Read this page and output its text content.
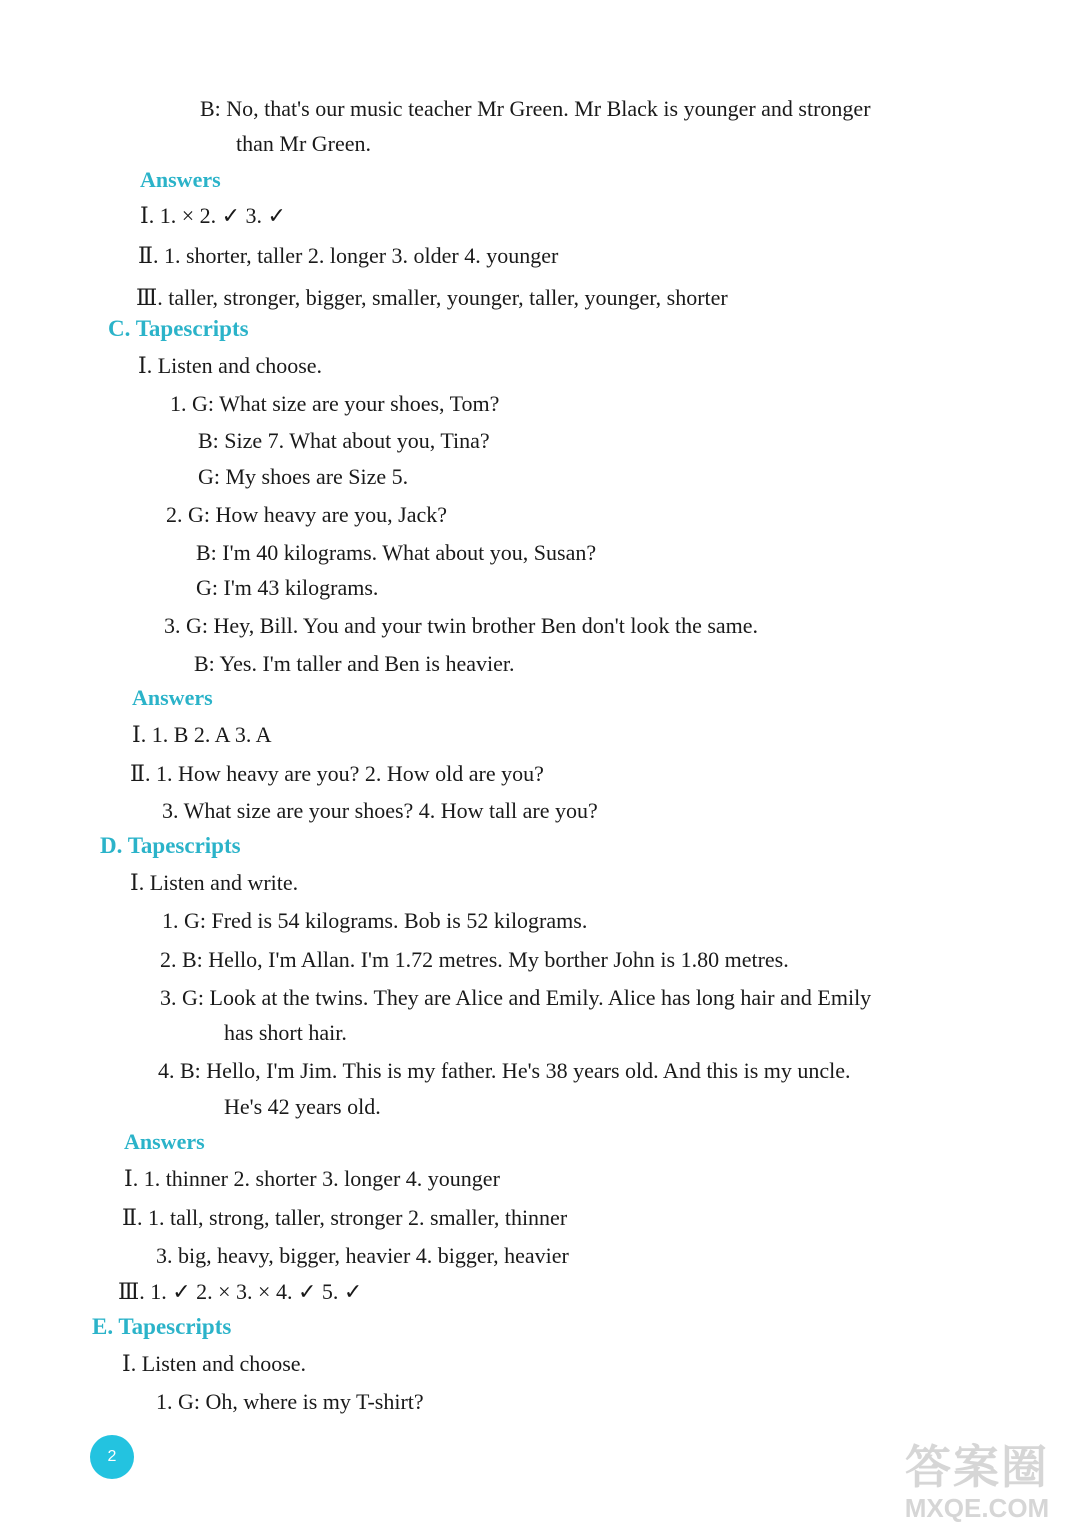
B: No, that's our music teacher Mr Green. Mr Black is younger and stronger
than Mr Green.
Answers
Ⅰ. 1. × 2. ✓ 3. ✓
Ⅱ. 1. shorter, taller 2. longer 3. older 4. younger
Ⅲ. taller, stronger, bigger, smaller, younger, taller, younger, shorter
C. Tapescripts
Ⅰ. Listen and choose.
1. G: What size are your shoes, Tom?
B: Size 7. What about you, Tina?
G: My shoes are Size 5.
2. G: How heavy are you, Jack?
B: I'm 40 kilograms. What about you, Susan?
G: I'm 43 kilograms.
3. G: Hey, Bill. You and your twin brother Ben don't look the same.
B: Yes. I'm taller and Ben is heavier.
Answers
Ⅰ. 1. B 2. A 3. A
Ⅱ. 1. How heavy are you? 2. How old are you?
3. What size are your shoes? 4. How tall are you?
D. Tapescripts
Ⅰ. Listen and write.
1. G: Fred is 54 kilograms. Bob is 52 kilograms.
2. B: Hello, I'm Allan. I'm 1.72 metres. My borther John is 1.80 metres.
3. G: Look at the twins. They are Alice and Emily. Alice has long hair and Emily
has short hair.
4. B: Hello, I'm Jim. This is my father. He's 38 years old. And this is my uncle.
He's 42 years old.
Answers
Ⅰ. 1. thinner 2. shorter 3. longer 4. younger
Ⅱ. 1. tall, strong, taller, stronger 2. smaller, thinner
3. big, heavy, bigger, heavier 4. bigger, heavier
Ⅲ. 1. ✓ 2. × 3. × 4. ✓ 5. ✓
E. Tapescripts
Ⅰ. Listen and choose.
1. G: Oh, where is my T-shirt?
2	答案圈
MXQE.COM
